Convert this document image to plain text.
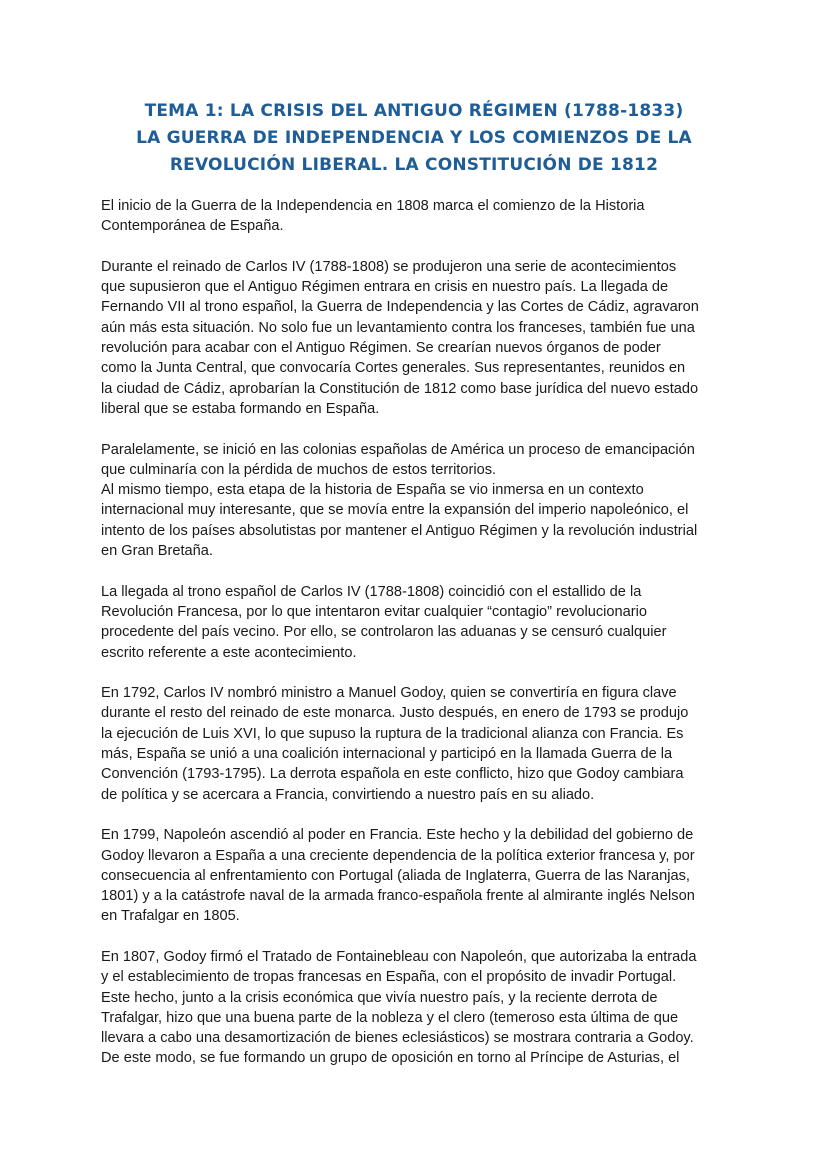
TEMA 1: LA CRISIS DEL ANTIGUO RÉGIMEN (1788-1833)
LA GUERRA DE INDEPENDENCIA Y LOS COMIENZOS DE LA
REVOLUCIÓN LIBERAL. LA CONSTITUCIÓN DE 1812

El inicio de la Guerra de la Independencia en 1808 marca el comienzo de la Historia
Contemporánea de España.

Durante el reinado de Carlos IV (1788-1808) se produjeron una serie de acontecimientos
que supusieron que el Antiguo Régimen entrara en crisis en nuestro país. La llegada de
Fernando VII al trono español, la Guerra de Independencia y las Cortes de Cádiz, agravaron
aún más esta situación. No solo fue un levantamiento contra los franceses, también fue una
revolución para acabar con el Antiguo Régimen. Se crearían nuevos órganos de poder
como la Junta Central, que convocaría Cortes generales. Sus representantes, reunidos en
la ciudad de Cádiz, aprobarían la Constitución de 1812 como base jurídica del nuevo estado
liberal que se estaba formando en España.

Paralelamente, se inició en las colonias españolas de América un proceso de emancipación
que culminaría con la pérdida de muchos de estos territorios.

Al mismo tiempo, esta etapa de la historia de España se vio inmersa en un contexto
internacional muy interesante, que se movía entre la expansión del imperio napoleónico, el
intento de los países absolutistas por mantener el Antiguo Régimen y la revolución industrial
en Gran Bretaña.

La llegada al trono español de Carlos IV (1788-1808) coincidió con el estallido de la
Revolución Francesa, por lo que intentaron evitar cualquier “contagio” revolucionario
procedente del país vecino. Por ello, se controlaron las aduanas y se censuró cualquier
escrito referente a este acontecimiento.

En 1792, Carlos IV nombró ministro a Manuel Godoy, quien se convertiría en figura clave
durante el resto del reinado de este monarca. Justo después, en enero de 1793 se produjo
la ejecución de Luis XVI, lo que supuso la ruptura de la tradicional alianza con Francia. Es
más, España se unió a una coalición internacional y participó en la llamada Guerra de la
Convención (1793-1795). La derrota española en este conflicto, hizo que Godoy cambiara
de política y se acercara a Francia, convirtiendo a nuestro país en su aliado.

En 1799, Napoleón ascendió al poder en Francia. Este hecho y la debilidad del gobierno de
Godoy llevaron a España a una creciente dependencia de la política exterior francesa y, por
consecuencia al enfrentamiento con Portugal (aliada de Inglaterra, Guerra de las Naranjas,
1801) y a la catástrofe naval de la armada franco-española frente al almirante inglés Nelson
en Trafalgar en 1805.

En 1807, Godoy firmó el Tratado de Fontainebleau con Napoleón, que autorizaba la entrada
y el establecimiento de tropas francesas en España, con el propósito de invadir Portugal.
Este hecho, junto a la crisis económica que vivía nuestro país, y la reciente derrota de
Trafalgar, hizo que una buena parte de la nobleza y el clero (temeroso esta última de que
llevara a cabo una desamortización de bienes eclesiásticos) se mostrara contraria a Godoy.
De este modo, se fue formando un grupo de oposición en torno al Príncipe de Asturias, el
